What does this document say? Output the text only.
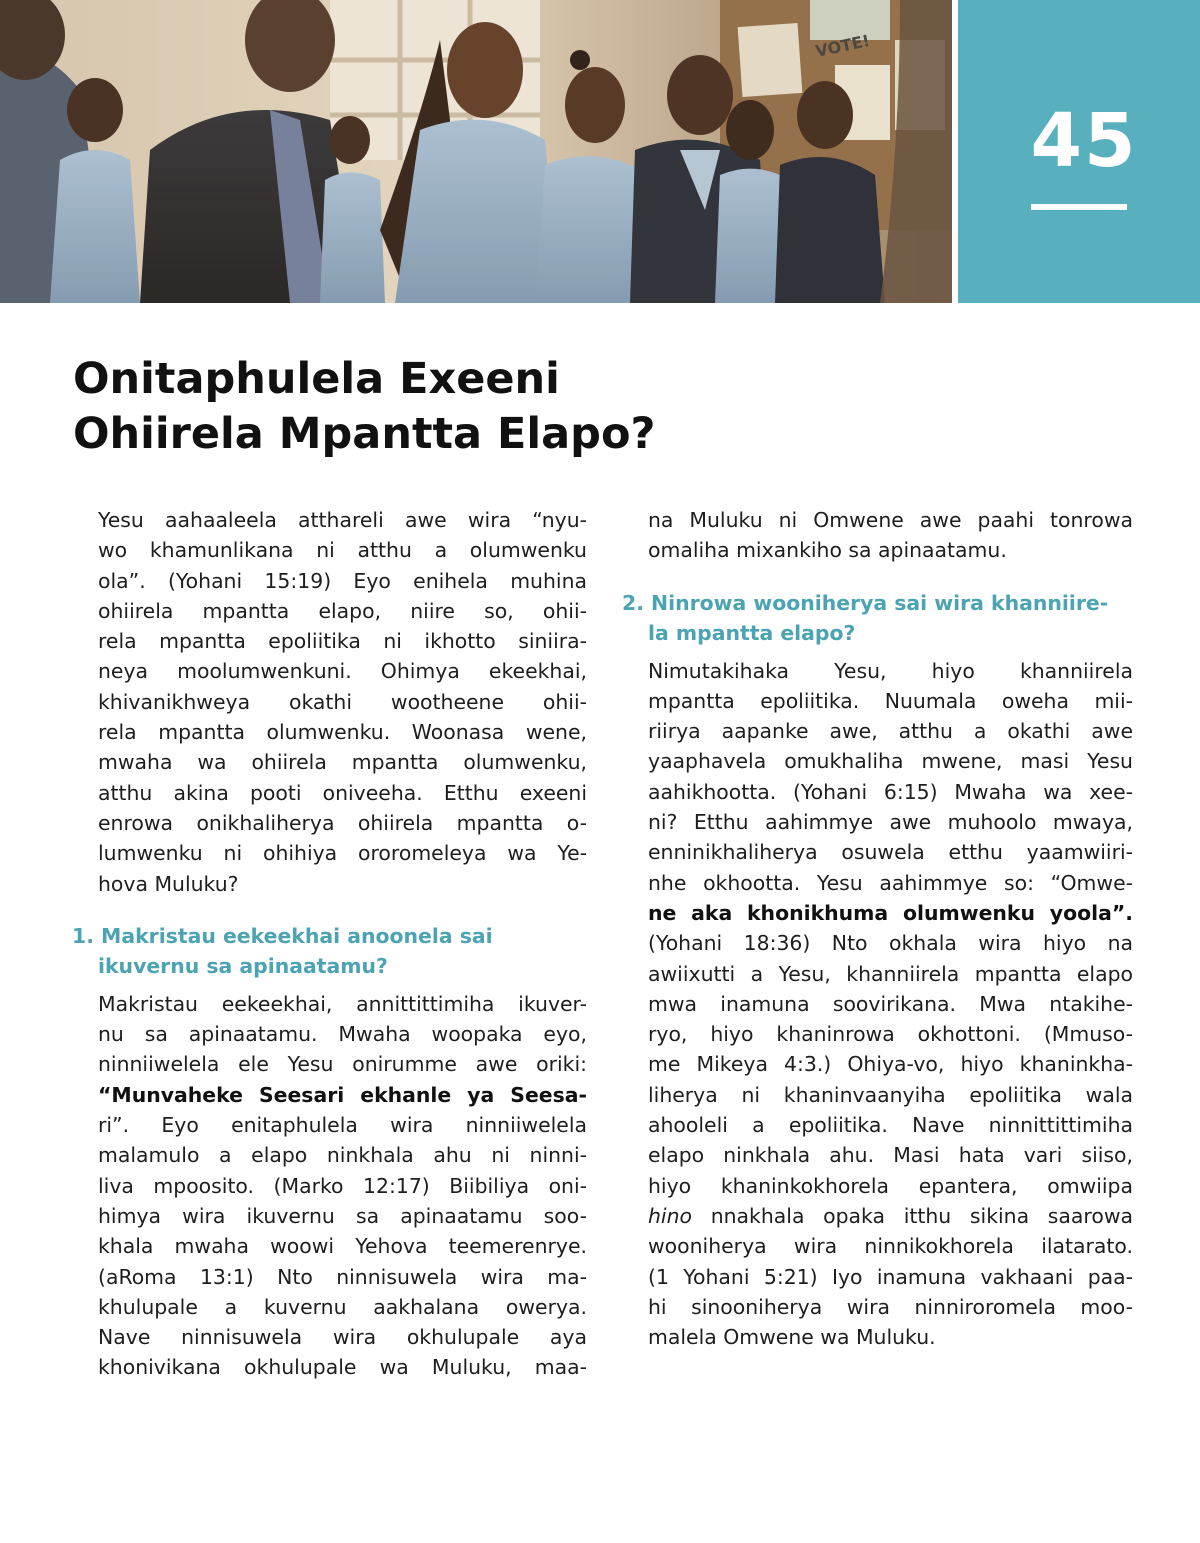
VOTE!
45
Onitaphulela Exeeni
Ohiirela Mpantta Elapo?
Yesu aahaaleela atthareli awe wira “nyu-
wo khamunlikana ni atthu a olumwenku
ola”. (Yohani 15:19) Eyo enihela muhina
ohiirela mpantta elapo, niire so, ohii-
rela mpantta epoliitika ni ikhotto siniira-
neya moolumwenkuni. Ohimya ekeekhai,
khivanikhweya okathi wootheene ohii-
rela mpantta olumwenku. Woonasa wene,
mwaha wa ohiirela mpantta olumwenku,
atthu akina pooti oniveeha. Etthu exeeni
enrowa onikhaliherya ohiirela mpantta o-
lumwenku ni ohihiya ororomeleya wa Ye-
hova Muluku?
1. Makristau eekeekhai anoonela sai
ikuvernu sa apinaatamu?
Makristau eekeekhai, annittittimiha ikuver-
nu sa apinaatamu. Mwaha woopaka eyo,
ninniiwelela ele Yesu onirumme awe oriki:
“Munvaheke Seesari ekhanle ya Seesa-
ri”. Eyo enitaphulela wira ninniiwelela
malamulo a elapo ninkhala ahu ni ninni-
liva mpoosito. (Marko 12:17) Biibiliya oni-
himya wira ikuvernu sa apinaatamu soo-
khala mwaha woowi Yehova teemerenrye.
(aRoma 13:1) Nto ninnisuwela wira ma-
khulupale a kuvernu aakhalana owerya.
Nave ninnisuwela wira okhulupale aya
khonivikana okhulupale wa Muluku, maa-
na Muluku ni Omwene awe paahi tonrowa
omaliha mixankiho sa apinaatamu.
2. Ninrowa wooniherya sai wira khanniire-
la mpantta elapo?
Nimutakihaka Yesu, hiyo khanniirela
mpantta epoliitika. Nuumala oweha mii-
riirya aapanke awe, atthu a okathi awe
yaaphavela omukhaliha mwene, masi Yesu
aahikhootta. (Yohani 6:15) Mwaha wa xee-
ni? Etthu aahimmye awe muhoolo mwaya,
enninikhaliherya osuwela etthu yaamwiiri-
nhe okhootta. Yesu aahimmye so: “Omwe-
ne aka khonikhuma olumwenku yoola”.
(Yohani 18:36) Nto okhala wira hiyo na
awiixutti a Yesu, khanniirela mpantta elapo
mwa inamuna soovirikana. Mwa ntakihe-
ryo, hiyo khaninrowa okhottoni. (Mmuso-
me Mikeya 4:3.) Ohiya-vo, hiyo khaninkha-
liherya ni khaninvaanyiha epoliitika wala
ahooleli a epoliitika. Nave ninnittittimiha
elapo ninkhala ahu. Masi hata vari siiso,
hiyo khaninkokhorela epantera, omwiipa
hino nnakhala opaka itthu sikina saarowa
wooniherya wira ninnikokhorela ilatarato.
(1 Yohani 5:21) Iyo inamuna vakhaani paa-
hi sinooniherya wira ninniroromela moo-
malela Omwene wa Muluku.
